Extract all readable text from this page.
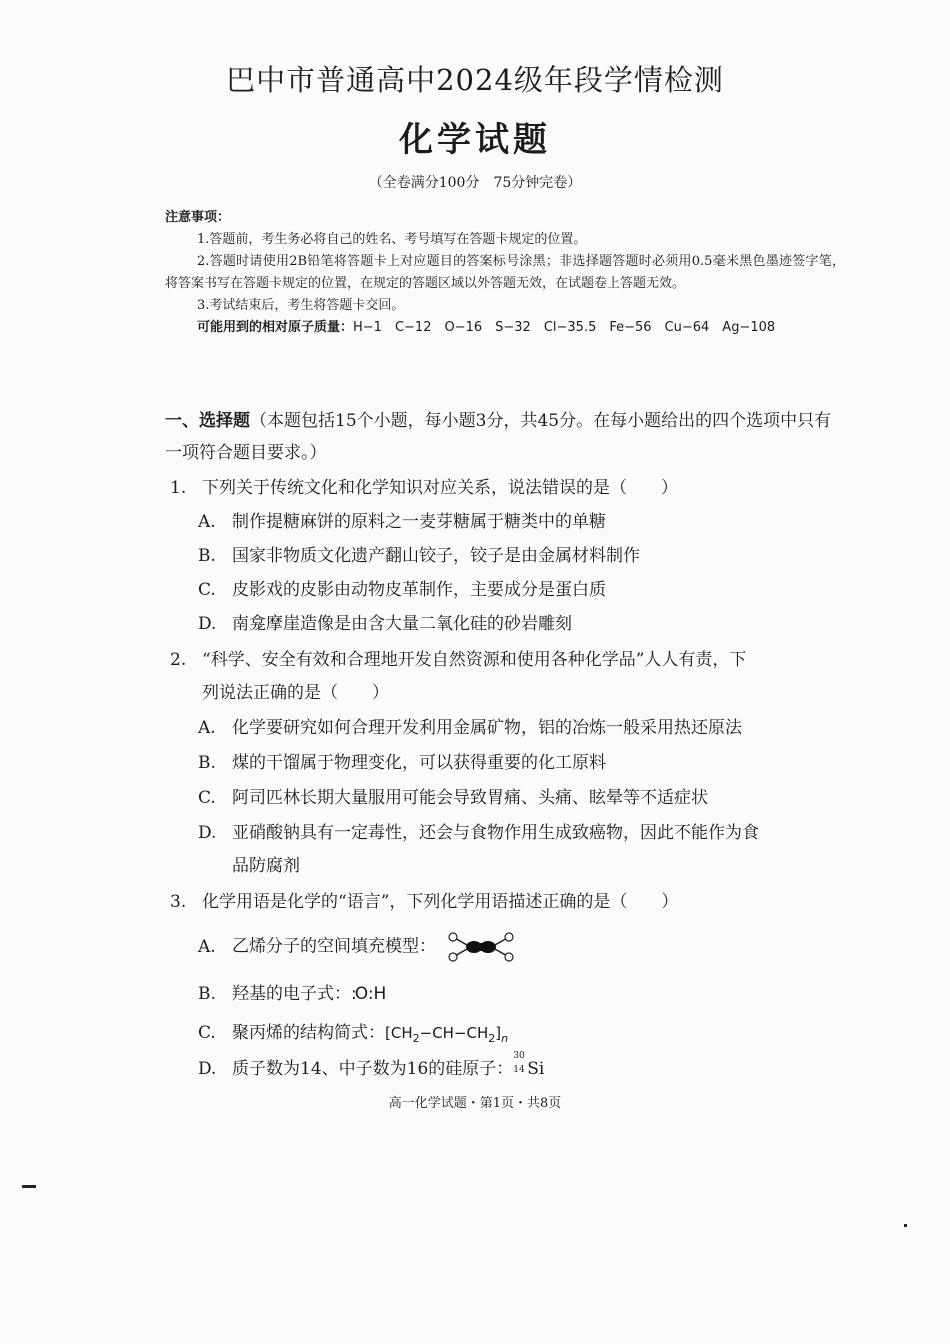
巴中市普通高中2024级年段学情检测
化学试题
（全卷满分100分　75分钟完卷）
注意事项：
1.答题前，考生务必将自己的姓名、考号填写在答题卡规定的位置。
2.答题时请使用2B铅笔将答题卡上对应题目的答案标号涂黑；非选择题答题时必须用0.5毫米黑色墨迹签字笔，将答案书写在答题卡规定的位置，在规定的答题区域以外答题无效，在试题卷上答题无效。
3.考试结束后，考生将答题卡交回。
可能用到的相对原子质量：H−1　C−12　O−16　S−32　Cl−35.5　Fe−56　Cu−64　Ag−108
一、选择题（本题包括15个小题，每小题3分，共45分。在每小题给出的四个选项中只有一项符合题目要求。）
1. 下列关于传统文化和化学知识对应关系，说法错误的是（　　）
A. 制作提糖麻饼的原料之一麦芽糖属于糖类中的单糖
B. 国家非物质文化遗产翻山铰子，铰子是由金属材料制作
C. 皮影戏的皮影由动物皮革制作，主要成分是蛋白质
D. 南龛摩崖造像是由含大量二氧化硅的砂岩雕刻
2. “科学、安全有效和合理地开发自然资源和使用各种化学品”人人有责，下
列说法正确的是（　　）
A. 化学要研究如何合理开发利用金属矿物，铝的冶炼一般采用热还原法
B. 煤的干馏属于物理变化，可以获得重要的化工原料
C. 阿司匹林长期大量服用可能会导致胃痛、头痛、眩晕等不适症状
D. 亚硝酸钠具有一定毒性，还会与食物作用生成致癌物，因此不能作为食
品防腐剂
3. 化学用语是化学的“语言”，下列化学用语描述正确的是（　　）
A. 乙烯分子的空间填充模型：
B. 羟基的电子式：:O:H
C. 聚丙烯的结构简式：$[CH_2-CH-CH_2]_n$
D. 质子数为14、中子数为16的硅原子：
30
14 Si
高一化学试题・第1页・共8页
